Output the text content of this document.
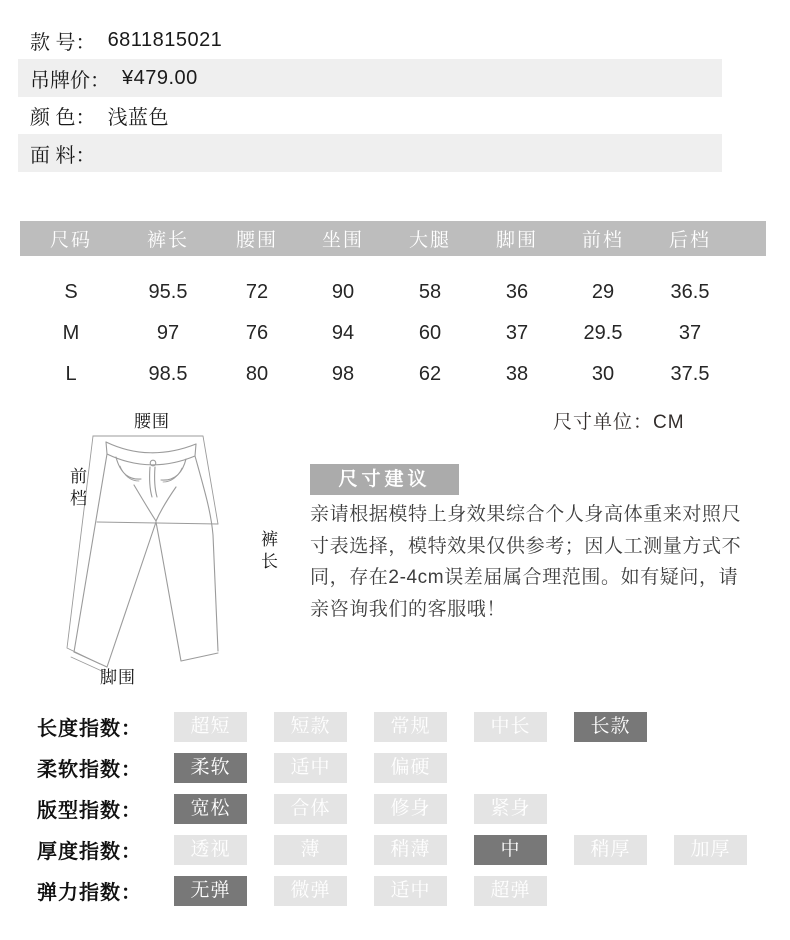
款 号： 6811815021
吊牌价： ¥479.00
颜 色： 浅蓝色
面 料：
尺码	裤长 腰围 坐围 大腿 脚围 前档 后档
S	95.5	72	90	58	36	29	36.5
M	97	76	94	60	37	29.5	37
L	98.5	80	98	62	38	30	37.5
尺寸单位：CM
腰围
前档
裤长
脚围
尺寸建议
亲请根据模特上身效果综合个人身高体重来对照尺
寸表选择，模特效果仅供参考；因人工测量方式不
同，存在2-4cm误差届属合理范围。如有疑问，请
亲咨询我们的客服哦！
长度指数：	超短	短款	常规	中长	长款
柔软指数：	柔软	适中	偏硬
版型指数：	宽松	合体	修身	紧身
厚度指数：	透视	薄	稍薄	中	稍厚	加厚
弹力指数：	无弹	微弹	适中	超弹
